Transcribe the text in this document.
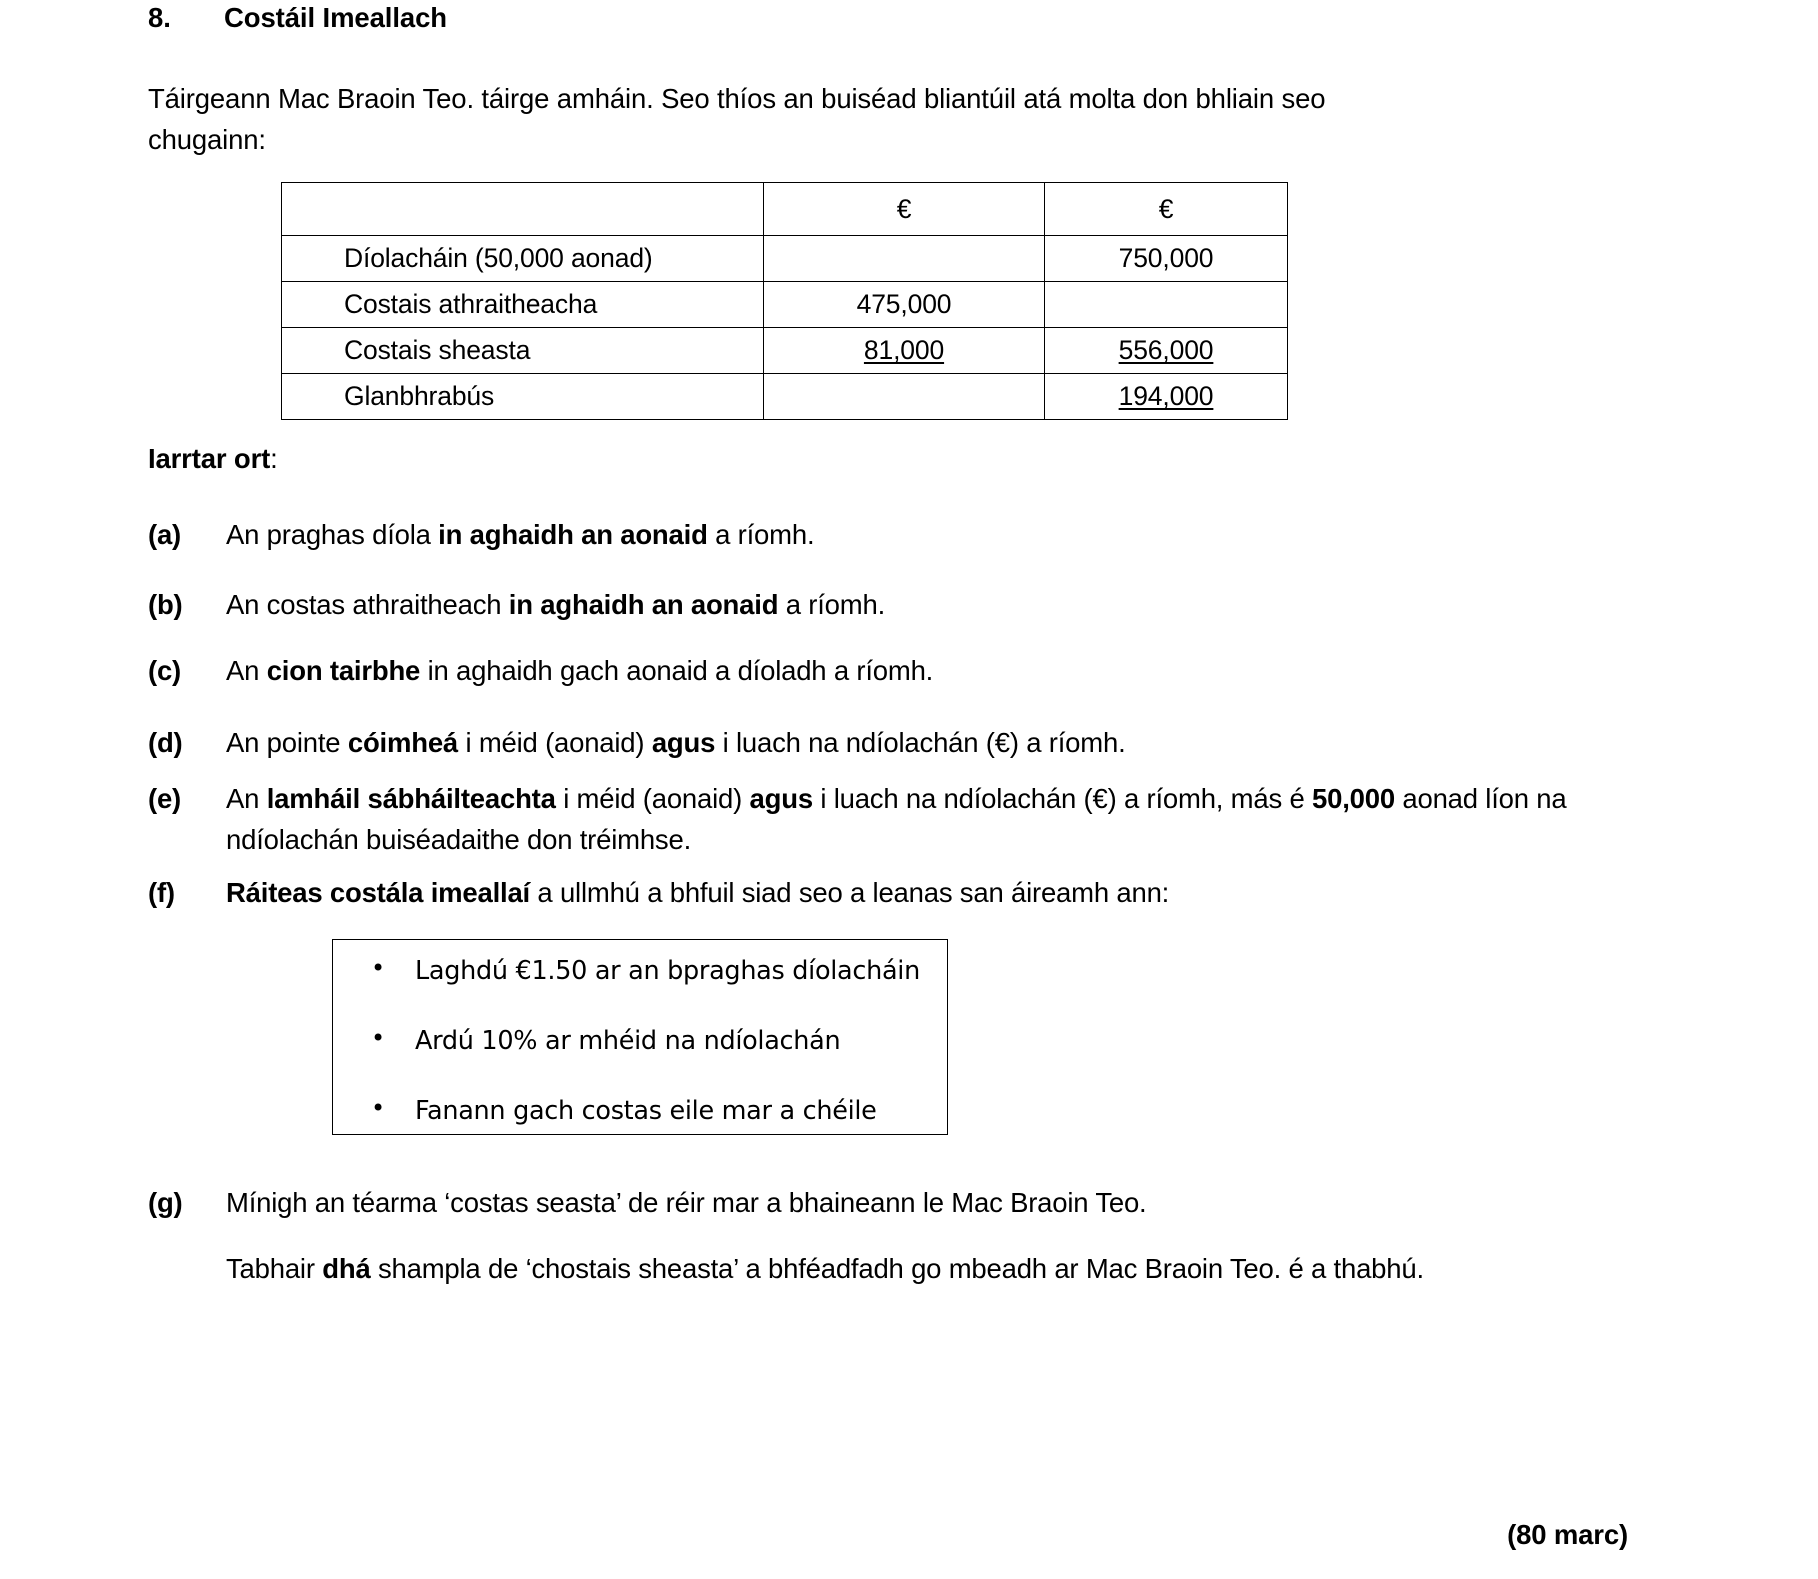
8. Costáil Imeallach
Táirgeann Mac Braoin Teo. táirge amháin. Seo thíos an buiséad bliantúil atá molta don bhliain seo chugainn:
	€	€
Díolacháin (50,000 aonad)		750,000
Costais athraitheacha	475,000	
Costais sheasta	81,000	556,000
Glanbhrabús		194,000
Iarrtar ort:
(a)	An praghas díola in aghaidh an aonaid a ríomh.
(b)	An costas athraitheach in aghaidh an aonaid a ríomh.
(c)	An cion tairbhe in aghaidh gach aonaid a díoladh a ríomh.
(d)	An pointe cóimheá i méid (aonaid) agus i luach na ndíolachán (€) a ríomh.
(e)	An lamháil sábháilteachta i méid (aonaid) agus i luach na ndíolachán (€) a ríomh, más é 50,000 aonad líon na ndíolachán buiséadaithe don tréimhse.
(f)	Ráiteas costála imeallaí a ullmhú a bhfuil siad seo a leanas san áireamh ann:
• Laghdú €1.50 ar an bpraghas díolacháin
• Ardú 10% ar mhéid na ndíolachán
• Fanann gach costas eile mar a chéile
(g)	Mínigh an téarma ‘costas seasta’ de réir mar a bhaineann le Mac Braoin Teo.
Tabhair dhá shampla de ‘chostais sheasta’ a bhféadfadh go mbeadh ar Mac Braoin Teo. é a thabhú.
(80 marc)
